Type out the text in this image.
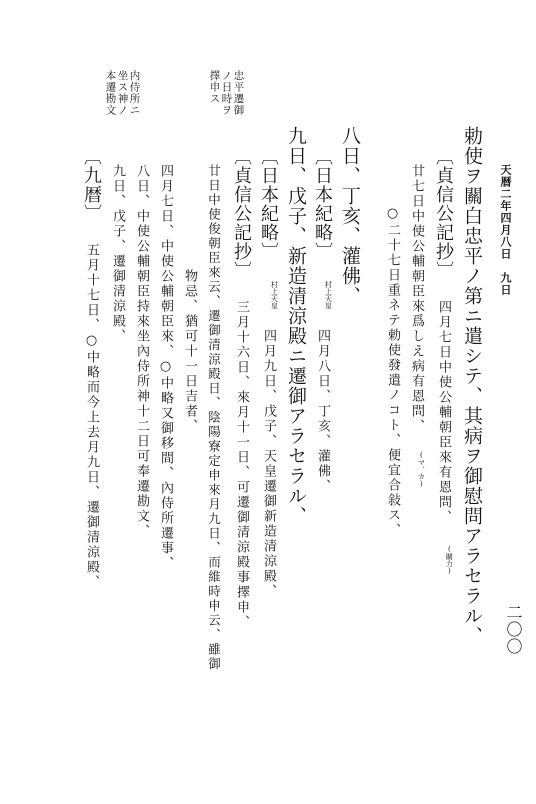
天暦二年四月八日　九日
二〇〇
忠平遷御
ノ日時ヲ
擇申ス
内侍所ニ
坐ス神ノ
本遷勘文
勅使ヲ關白忠平ノ第ニ遣シテ、其病ヲ御慰問アラセラル、
〔貞信公記抄〕 四月七日中使公輔朝臣來有恩問、 $^{(關力)}$
廿七日中使公輔朝臣來爲しえ病有恩問、 $^{(マ、カ)}$
○二十七日重ネテ勅使發遣ノコト、便宜合敍ス、
八日、丁亥、灌佛、
〔日本紀略〕 $^{村上天皇}$ 四月八日、丁亥、灌佛、
九日、戊子、新造清涼殿ニ遷御アラセラル、
〔日本紀略〕 $^{村上天皇}$ 四月九日、戊子、天皇遷御新造清涼殿、
〔貞信公記抄〕 三月十六日、來月十一日、可遷御清涼殿事擇申、
廿日中使俊朝臣來云、遷御清涼殿日、陰陽寮定申來月九日、而維時申云、雖御
物忌、猶可十一日吉者、
四月七日、中使公輔朝臣來、○中略又御移間、內侍所遷事、
八日、中使公輔朝臣持來坐內侍所神十二日可奉遷勘文、
九日、戊子、遷御清涼殿、
〔九暦〕 五月十七日、○中略而今上去月九日、遷御清涼殿、
